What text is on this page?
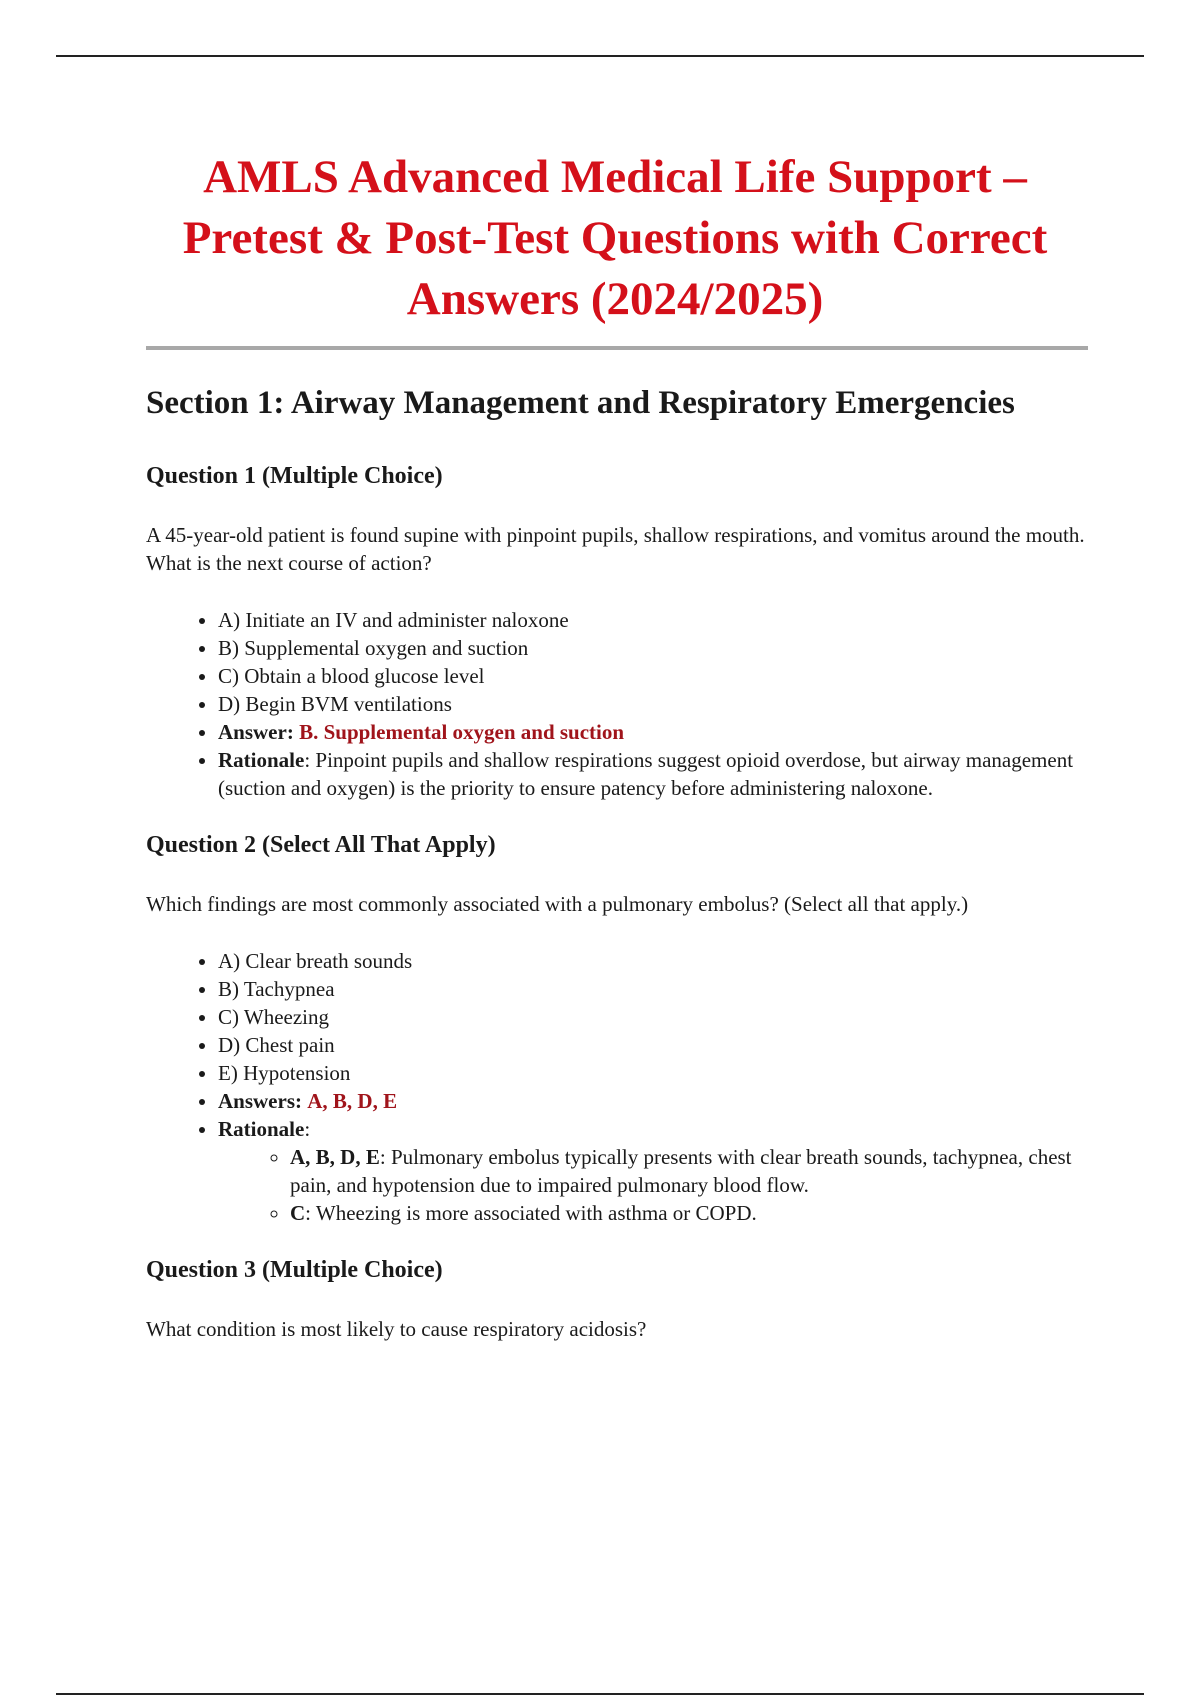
AMLS Advanced Medical Life Support – Pretest & Post-Test Questions with Correct Answers (2024/2025)
Section 1: Airway Management and Respiratory Emergencies
Question 1 (Multiple Choice)

A 45-year-old patient is found supine with pinpoint pupils, shallow respirations, and vomitus around the mouth. What is the next course of action?

• A) Initiate an IV and administer naloxone
• B) Supplemental oxygen and suction
• C) Obtain a blood glucose level
• D) Begin BVM ventilations
• Answer: B. Supplemental oxygen and suction
• Rationale: Pinpoint pupils and shallow respirations suggest opioid overdose, but airway management (suction and oxygen) is the priority to ensure patency before administering naloxone.
Question 2 (Select All That Apply)

Which findings are most commonly associated with a pulmonary embolus? (Select all that apply.)

• A) Clear breath sounds
• B) Tachypnea
• C) Wheezing
• D) Chest pain
• E) Hypotension
• Answers: A, B, D, E
• Rationale:
◦ A, B, D, E: Pulmonary embolus typically presents with clear breath sounds, tachypnea, chest pain, and hypotension due to impaired pulmonary blood flow.
◦ C: Wheezing is more associated with asthma or COPD.
Question 3 (Multiple Choice)

What condition is most likely to cause respiratory acidosis?
